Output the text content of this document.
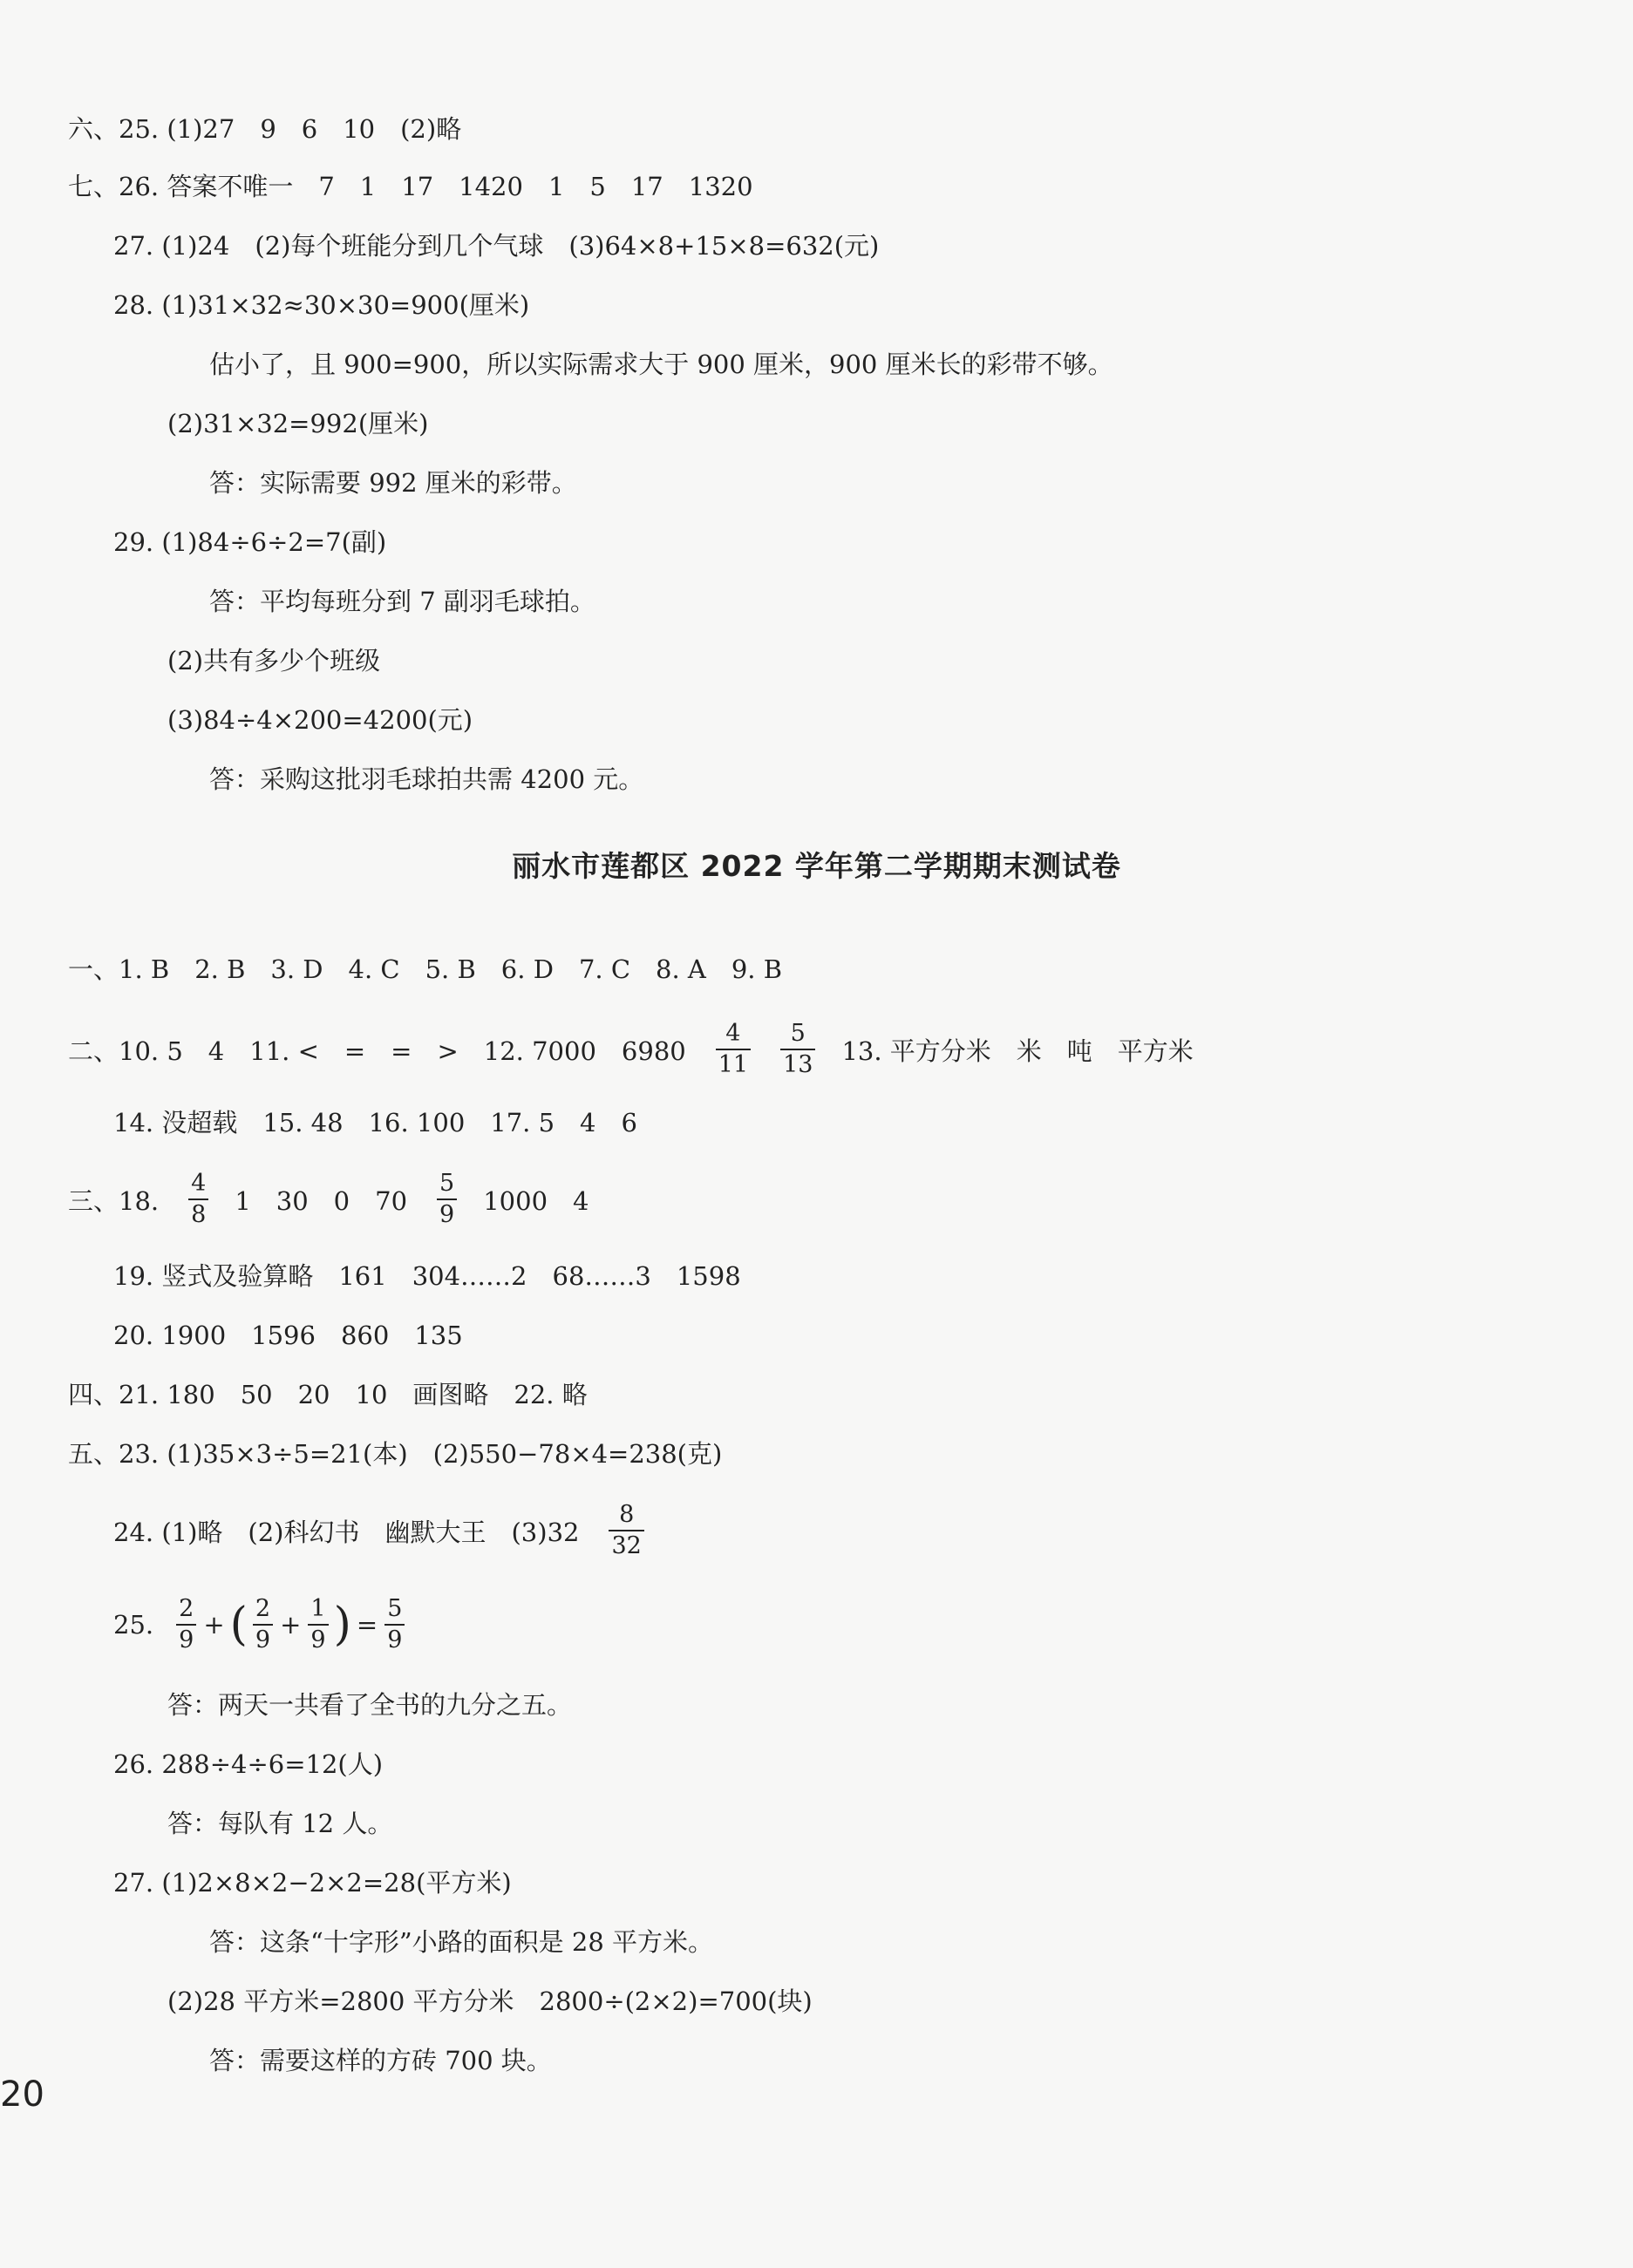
六、25. (1)27　9　6　10　(2)略
七、26. 答案不唯一　7　1　17　1420　1　5　17　1320
27. (1)24　(2)每个班能分到几个气球　(3)64×8+15×8=632(元)
28. (1)31×32≈30×30=900(厘米)
估小了，且 900=900，所以实际需求大于 900 厘米，900 厘米长的彩带不够。
(2)31×32=992(厘米)
答：实际需要 992 厘米的彩带。
29. (1)84÷6÷2=7(副)
答：平均每班分到 7 副羽毛球拍。
(2)共有多少个班级
(3)84÷4×200=4200(元)
答：采购这批羽毛球拍共需 4200 元。
丽水市莲都区 2022 学年第二学期期末测试卷
一、1. B　2. B　3. D　4. C　5. B　6. D　7. C　8. A　9. B
二、10. 5　4　11. <　=　=　>　12. 7000　$6980 \frac{4}{11} \frac{5}{13} 13$. 平方分米　米　吨　平方米
14. 没超载　15. 48　16. 100　17. 5　4　6
三、18. $\frac{4}{8} 1$　30　0　$70 \frac{5}{9} 1000$　4
19. 竖式及验算略　161　304……2　68……3　1598
20. 1900　1596　860　135
四、21. 180　50　20　10　画图略　22. 略
五、23. (1)35×3÷5=21(本)　(2)550−78×4=238(克)
24. (1)略　(2)科幻书　幽默大王　$(3)32 \frac{8}{32}$
25. $\frac{2}{9}$ + ( $\frac{2}{9} + \frac{1}{9}$ ) = $\frac{5}{9}$
答：两天一共看了全书的九分之五。
26. 288÷4÷6=12(人)
答：每队有 12 人。
27. (1)2×8×2−2×2=28(平方米)
答：这条“十字形”小路的面积是 28 平方米。
(2)28 平方米=2800 平方分米　2800÷(2×2)=700(块)
答：需要这样的方砖 700 块。
20
